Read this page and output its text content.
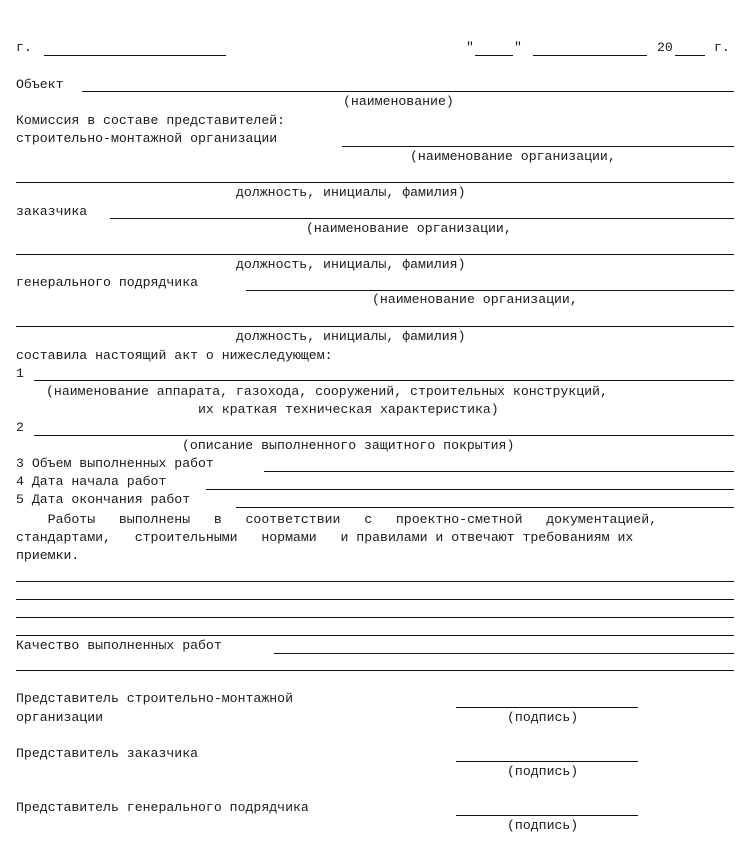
г.	"	"	20	г.
Объект
(наименование)
Комиссия в составе представителей:
строительно-монтажной организации
(наименование организации,
должность, инициалы, фамилия)
заказчика
(наименование организации,
должность, инициалы, фамилия)
генерального подрядчика
(наименование организации,
должность, инициалы, фамилия)
составила настоящий акт о нижеследующем:
1
(наименование аппарата, газохода, сооружений, строительных конструкций,
их краткая техническая характеристика)
2
(описание выполненного защитного покрытия)
3 Объем выполненных работ
4 Дата начала работ
5 Дата окончания работ
Работы   выполнены   в   соответствии   с   проектно-сметной   документацией,
стандартами,   строительными   нормами   и правилами и отвечают требованиям их
приемки.
Качество выполненных работ
Представитель строительно-монтажной
организации	(подпись)
Представитель заказчика
(подпись)
Представитель генерального подрядчика
(подпись)
